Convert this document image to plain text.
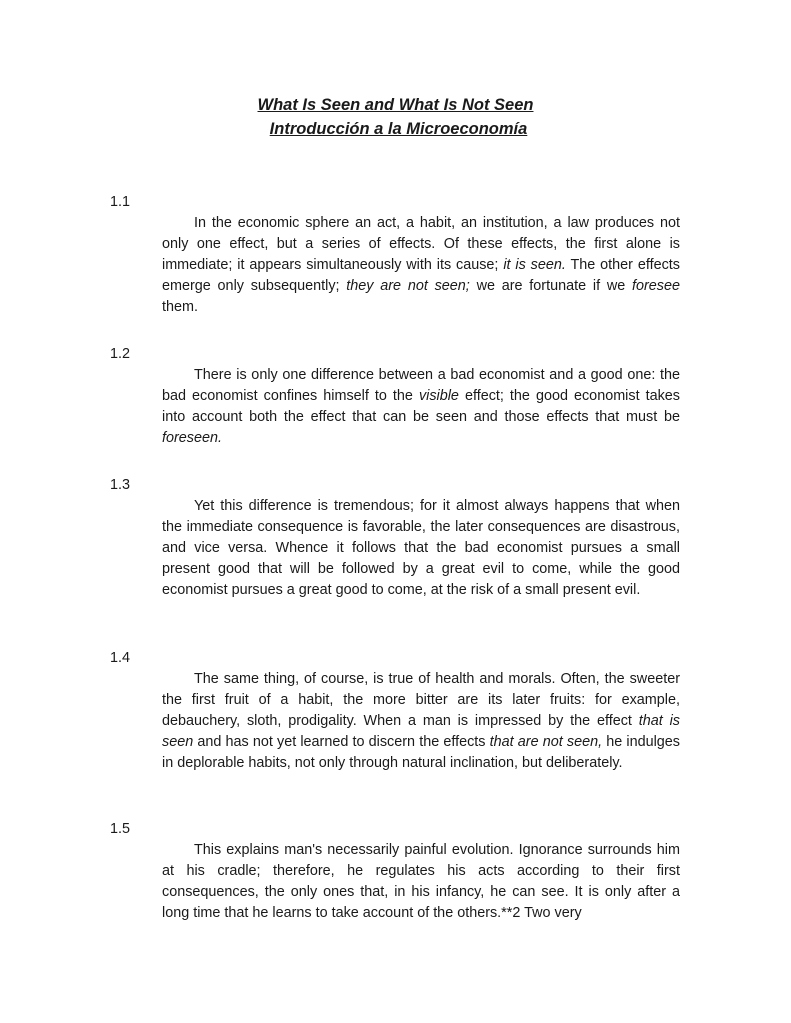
What Is Seen and What Is Not Seen
Introducción a la Microeconomía
1.1

In the economic sphere an act, a habit, an institution, a law produces not only one effect, but a series of effects. Of these effects, the first alone is immediate; it appears simultaneously with its cause; it is seen. The other effects emerge only subsequently; they are not seen; we are fortunate if we foresee them.

1.2

There is only one difference between a bad economist and a good one: the bad economist confines himself to the visible effect; the good economist takes into account both the effect that can be seen and those effects that must be foreseen.

1.3

Yet this difference is tremendous; for it almost always happens that when the immediate consequence is favorable, the later consequences are disastrous, and vice versa. Whence it follows that the bad economist pursues a small present good that will be followed by a great evil to come, while the good economist pursues a great good to come, at the risk of a small present evil.

1.4

The same thing, of course, is true of health and morals. Often, the sweeter the first fruit of a habit, the more bitter are its later fruits: for example, debauchery, sloth, prodigality. When a man is impressed by the effect that is seen and has not yet learned to discern the effects that are not seen, he indulges in deplorable habits, not only through natural inclination, but deliberately.

1.5

This explains man's necessarily painful evolution. Ignorance surrounds him at his cradle; therefore, he regulates his acts according to their first consequences, the only ones that, in his infancy, he can see. It is only after a long time that he learns to take account of the others.**2 Two very
